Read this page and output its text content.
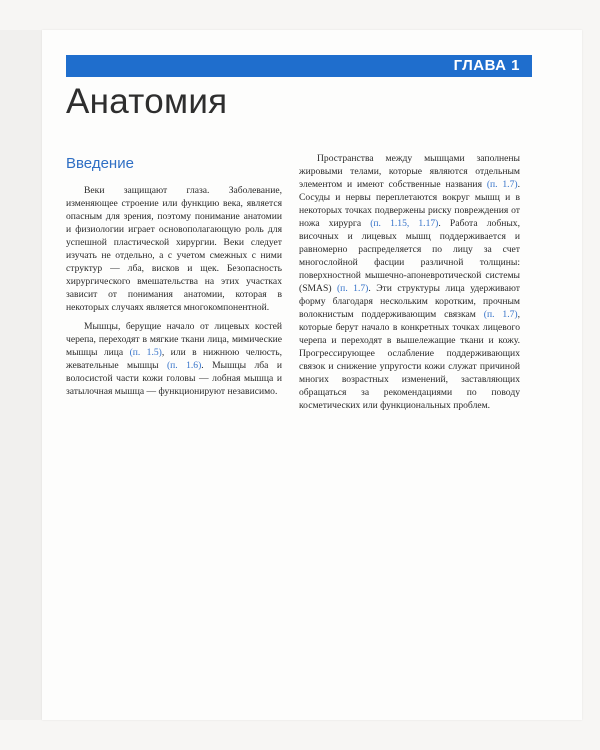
ГЛАВА 1
Анатомия
Введение

Веки защищают глаза. Заболевание, изменяющее строение или функцию века, является опасным для зрения, поэтому понимание анатомии и физиологии играет основополагающую роль для успешной пластической хирургии. Веки следует изучать не отдельно, а с учетом смежных с ними структур — лба, висков и щек. Безопасность хирургического вмешательства на этих участках зависит от понимания анатомии, которая в некоторых случаях является многокомпонентной.

Мышцы, берущие начало от лицевых костей черепа, переходят в мягкие ткани лица, мимические мышцы лица (п. 1.5), или в нижнюю челюсть, жевательные мышцы (п. 1.6). Мышцы лба и волосистой части кожи головы — лобная мышца и затылочная мышца — функционируют независимо.

Пространства между мышцами заполнены жировыми телами, которые являются отдельным элементом и имеют собственные названия (п. 1.7). Сосуды и нервы переплетаются вокруг мышц и в некоторых точках подвержены риску повреждения от ножа хирурга (п. 1.15, 1.17). Работа лобных, височных и лицевых мышц поддерживается и равномерно распределяется по лицу за счет многослойной фасции различной толщины: поверхностной мышечно-апоневротической системы (SMAS) (п. 1.7). Эти структуры лица удерживают форму благодаря нескольким коротким, прочным волокнистым поддерживающим связкам (п. 1.7), которые берут начало в конкретных точках лицевого черепа и переходят в вышележащие ткани и кожу. Прогрессирующее ослабление поддерживающих связок и снижение упругости кожи служат причиной многих возрастных изменений, заставляющих обращаться за рекомендациями по поводу косметических или функциональных проблем.
